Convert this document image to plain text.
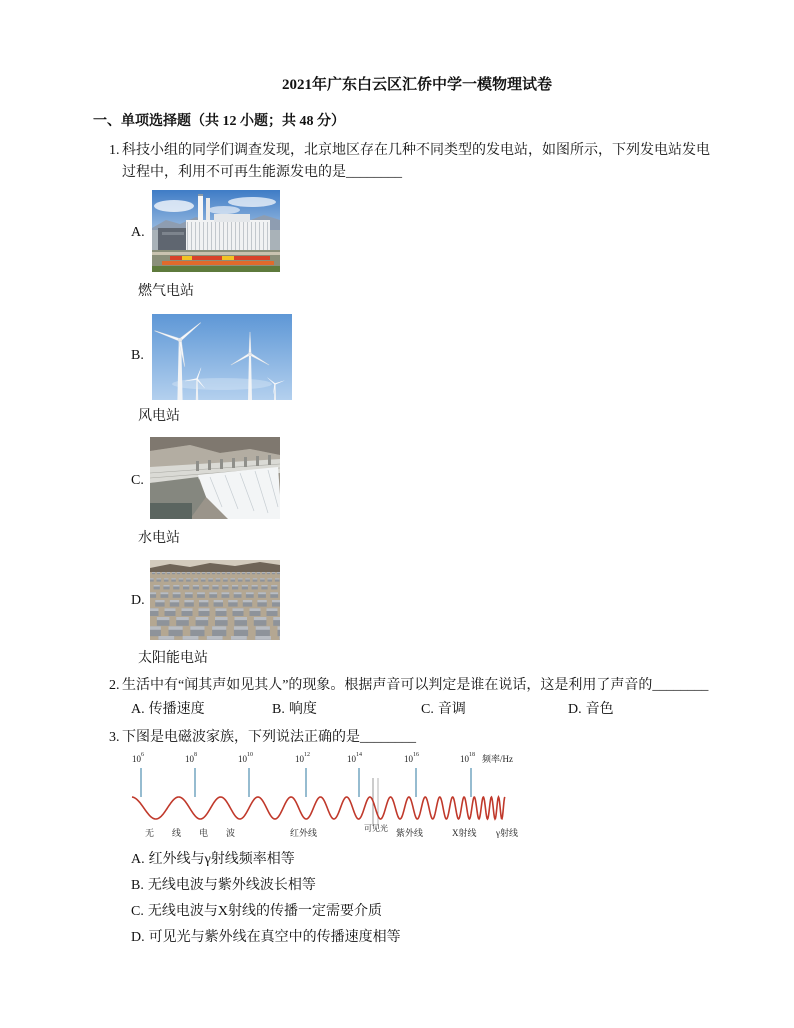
2021年广东白云区汇侨中学一模物理试卷
一、单项选择题（共 12 小题；共 48 分）
1. 科技小组的同学们调查发现，北京地区存在几种不同类型的发电站，如图所示，下列发电站发电
过程中，利用不可再生能源发电的是________
A.
燃气电站
B.
风电站
C.
水电站
D.
太阳能电站
2. 生活中有“闻其声如见其人”的现象。根据声音可以判定是谁在说话，这是利用了声音的________
A. 传播速度	B. 响度	C. 音调	D. 音色
3. 下图是电磁波家族，下列说法正确的是________
$10^6$	$10^8$	$10^{10}$	$10^{12}$	$10^{14}$	$10^{16}$	$10^{18}$ 频率/Hz
无线电波	红外线	可见光 紫外线	X射线 γ射线
A. 红外线与γ射线频率相等
B. 无线电波与紫外线波长相等
C. 无线电波与X射线的传播一定需要介质
D. 可见光与紫外线在真空中的传播速度相等
